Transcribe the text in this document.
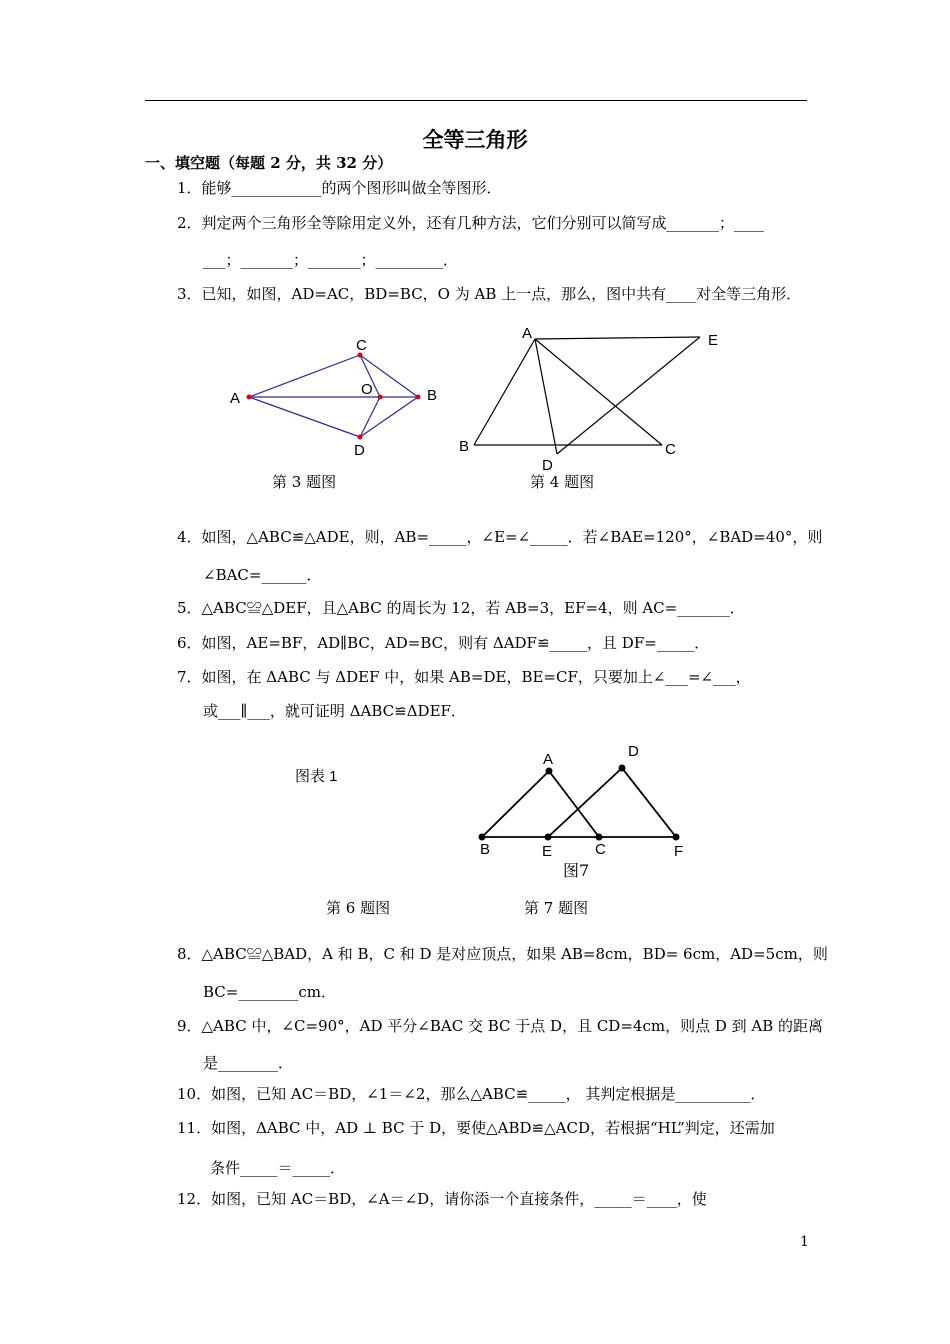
全等三角形
一、填空题（每题 2 分，共 32 分）
1．能够____________的两个图形叫做全等图形．
2．判定两个三角形全等除用定义外，还有几种方法，它们分别可以简写成_______；____
___；_______；_______；_________．
3．已知，如图，AD=AC，BD=BC，O 为 AB 上一点，那么，图中共有____对全等三角形．
A
C
O	B
D
A	E
B	C
D
第 3 题图	第 4 题图
4．如图，△ABC≌△ADE，则，AB=_____，∠E=∠_____．若∠BAE=120°，∠BAD=40°，则
∠BAC=______．
5．△ABC≌△DEF，且△ABC 的周长为 12，若 AB=3，EF=4，则 AC=_______．
6．如图，AE=BF，AD∥BC，AD=BC，则有 ΔADF≌_____，且 DF=_____．
7．如图，在 ΔABC 与 ΔDEF 中，如果 AB=DE，BE=CF，只要加上∠___=∠___，
或___∥___，就可证明 ΔABC≌ΔDEF．
图表 1
A	D
B	E	C	F
图7
第 6 题图	第 7 题图
8．△ABC≌△BAD，A 和 B，C 和 D 是对应顶点，如果 AB=8cm，BD= 6cm，AD=5cm，则
BC=________cm．
9．△ABC 中，∠C=90°，AD 平分∠BAC 交 BC 于点 D，且 CD=4cm，则点 D 到 AB 的距离
是________．
10．如图，已知 AC＝BD，∠1＝∠2，那么△ABC≌_____， 其判定根据是__________．
11．如图，ΔABC 中，AD ⊥ BC 于 D，要使△ABD≌△ACD，若根据“HL”判定，还需加
条件_____＝_____．
12．如图，已知 AC＝BD，∠A＝∠D，请你添一个直接条件，_____＝____，使
1
